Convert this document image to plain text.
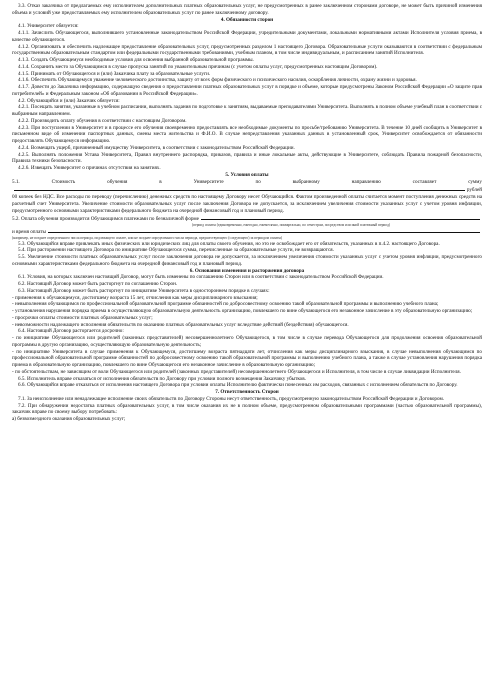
3.3. Отказ заказчика от предлагаемых ему исполнителем дополнительных платных образовательных услуг, не предусмотренных в ранее заключенном сторонами договоре, не может быть причиной изменения объема и условий уже предоставляемых ему исполнителем образовательных услуг по ранее заключенному договору.

4. Обязанности сторон

4.1. Университет обязуется:

4.1.1. Зачислить Обучающегося, выполнившего установленные законодательством Российской Федерации, учредительными документами, локальными нормативными актами Исполнителя условия приема, в качестве обучающегося.

4.1.2. Организовать и обеспечить надлежащее предоставление образовательных услуг, предусмотренных разделом 1 настоящего Договора. Образовательные услуги оказываются в соответствии с федеральным государственным образовательным стандартом или федеральными государственными требованиями, учебным планом, в том числе индивидуальным, и расписанием занятий Исполнителя.

4.1.3. Создать Обучающемуся необходимые условия для освоения выбранной образовательной программы.

4.1.4. Сохранить место за Обучающимся в случае пропуска занятий по уважительным причинам (с учетом оплаты услуг, предусмотренных настоящим Договором).

4.1.5. Принимать от Обучающегося и (или) Заказчика плату за образовательные услуги.

4.1.6. Обеспечить Обучающемуся уважение человеческого достоинства, защиту от всех форм физического и психического насилия, оскорбления личности, охрану жизни и здоровья.

4.1.7. Довести до Заказчика информацию, содержащую сведения о предоставлении платных образовательных услуг в порядке и объеме, которые предусмотрены Законом Российской Федерации «О защите прав потребителей» и Федеральным законом «Об образовании в Российской Федерации».

4.2. Обучающийся и (или) Заказчик обязуется:

4.2.1. Посещать занятия, указанные в учебном расписании, выполнять задания по подготовке к занятиям, выдаваемые преподавателями Университета. Выполнять в полном объеме учебный план в соответствии с выбранным направлением.

4.2.2. Производить оплату обучения в соответствии с настоящим Договором.

4.2.3. При поступлении в Университет и в процессе его обучения своевременно предоставлять все необходимые документы по просьбе/требованию Университета. В течение 10 дней сообщить в Университет в письменном виде об изменении паспортных данных, смены места жительства и Ф.И.О. В случае непредставления указанных данных в установленный срок, Университет освобождается от обязанности предоставлять Обучающемуся информацию.

4.2.4. Возмещать ущерб, причиненный имуществу Университета, в соответствии с законодательством Российской Федерации.

4.2.5. Выполнять положения Устава Университета, Правил внутреннего распорядка, приказов, правила и иные локальные акты, действующие в Университете, соблюдать Правила пожарной безопасности, Правила техники безопасности.

4.2.6. Извещать Университет о причинах отсутствия на занятиях.

5. Условия оплаты

5.1.	Стоимость	обучения	в	Университете	по	выбранному	направлению	составляет	сумму
рублей

00 копеек без НДС. Все расходы по переводу (перечислению) денежных средств по настоящему Договору несет Обучающийся. Фактом произведенной оплаты считается момент поступления денежных средств на расчетный счет Университета. Увеличение стоимости образовательных услуг после заключения Договора не допускается, за исключением увеличения стоимости указанных услуг с учетом уровня инфляции, предусмотренного основными характеристиками федерального бюджета на очередной финансовый год и плановый период.

5.2. Оплата обучения производится Обучающимся платежами по безналичной форме
(период оплаты (единовременно, ежегодно, ежемесячно, поквартально, по семестрам, посредством или иной платежный период)
и время оплаты
(например, не позднее определенного числа периода, подлежащего оплате, или не позднее определенного числа периода, предшествующего (следующего) за периодом оплаты)

5.3. Обучающийся вправе привлекать иных физических или юридических лиц для оплаты своего обучения, но это не освобождает его от обязательств, указанных в п.4.2. настоящего Договора.

5.4. При расторжении настоящего Договора по инициативе Обучающегося сумма, перечисленные за образовательные услуги, не возвращаются.

5.5. Увеличение стоимости платных образовательных услуг после заключения договора не допускается, за исключением увеличения стоимости указанных услуг с учетом уровня инфляции, предусмотренного основными характеристиками федерального бюджета на очередной финансовый год и плановый период.

6. Основания изменения и расторжения договора

6.1. Условия, на которых заключен настоящий Договор, могут быть изменены по соглашению Сторон или в соответствии с законодательством Российской Федерации.

6.2. Настоящий Договор может быть расторгнут по соглашению Сторон.

6.3. Настоящий Договор может быть расторгнут по инициативе Университета в одностороннем порядке в случаях:

- применения к обучающемуся, достигшему возраста 15 лет, отчисления как меры дисциплинарного взыскания;

- невыполнения обучающимся по профессиональной образовательной программе обязанностей по добросовестному освоению такой образовательной программы и выполнению учебного плана;

- установления нарушения порядка приема в осуществляющую образовательную деятельность организацию, повлекшего по вине обучающегося его незаконное зачисление в эту образовательную организацию;

- просрочки оплаты стоимости платных образовательных услуг;

- невозможности надлежащего исполнения обязательств по оказанию платных образовательных услуг вследствие действий (бездействия) обучающегося.

6.4. Настоящий Договор расторгается досрочно:

- по инициативе Обучающегося или родителей (законных представителей) несовершеннолетнего Обучающегося, в том числе в случае перевода Обучающегося для продолжения освоения образовательной программы в другую организацию, осуществляющую образовательную деятельность;

- по инициативе Университета в случае применения к Обучающемуся, достигшему возраста пятнадцати лет, отчисления как меры дисциплинарного взыскания, в случае невыполнения обучающимся по профессиональной образовательной программе обязанностей по добросовестному освоению такой образовательной программы и выполнению учебного плана, а также в случае установления нарушения порядка приема в образовательную организацию, повлекшего по вине Обучающегося его незаконное зачисление в образовательную организацию;

- по обстоятельствам, не зависящим от воли Обучающегося или родителей (законных представителей) несовершеннолетнего Обучающегося и Исполнителя, в том числе в случае ликвидации Исполнителя.

6.5. Исполнитель вправе отказаться от исполнения обязательств по Договору при условии полного возмещения Заказчику убытков.

6.6. Обучающийся вправе отказаться от исполнения настоящего Договора при условии оплаты Исполнителю фактически понесенных им расходов, связанных с исполнением обязательств по Договору.

7. Ответственность Сторон

7.1. За неисполнение или ненадлежащее исполнение своих обязательств по Договору Стороны несут ответственность, предусмотренную законодательством Российской Федерации и Договором.

7.2. При обнаружении недостатка платных образовательных услуг, в том числе оказания их не в полном объеме, предусмотренном образовательными программами (частью образовательной программы), заказчик вправе по своему выбору потребовать:

а) безвозмездного оказания образовательных услуг;
